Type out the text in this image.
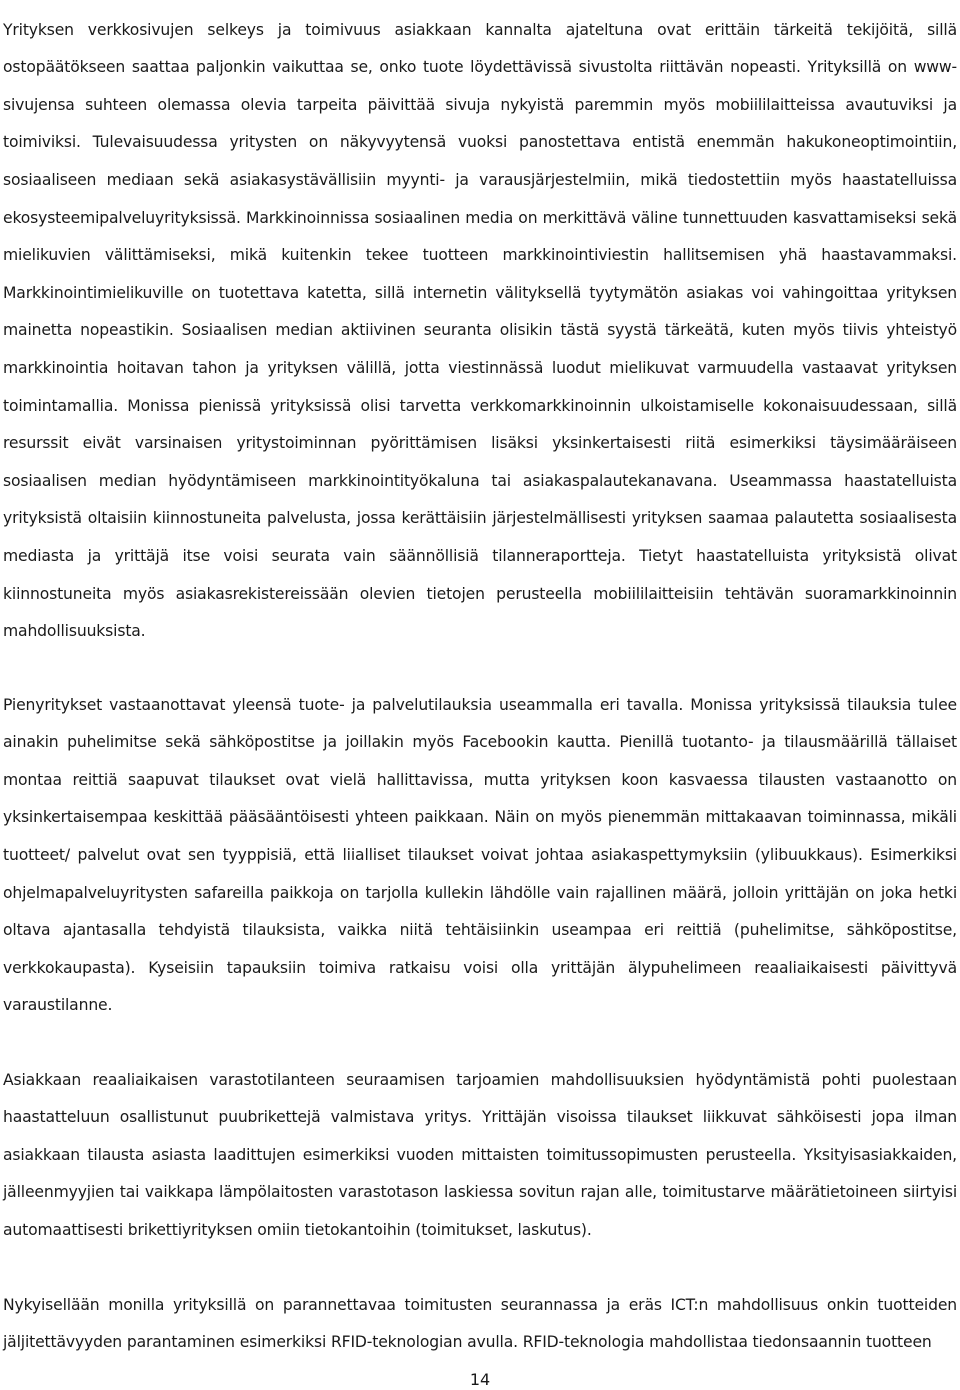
Yrityksen verkkosivujen selkeys ja toimivuus asiakkaan kannalta ajateltuna ovat erittäin tärkeitä tekijöitä, sillä ostopäätökseen saattaa paljonkin vaikuttaa se, onko tuote löydettävissä sivustolta riittävän nopeasti. Yrityksillä on www-sivujensa suhteen olemassa olevia tarpeita päivittää sivuja nykyistä paremmin myös mobiililaitteissa avautuviksi ja toimiviksi. Tulevaisuudessa yritysten on näkyvyytensä vuoksi panostettava entistä enemmän hakukoneoptimointiin, sosiaaliseen mediaan sekä asiakasystävällisiin myynti- ja varausjärjestelmiin, mikä tiedostettiin myös haastatelluissa ekosysteemipalveluyrityksissä. Markkinoinnissa sosiaalinen media on merkittävä väline tunnettuuden kasvattamiseksi sekä mielikuvien välittämiseksi, mikä kuitenkin tekee tuotteen markkinointiviestin hallitsemisen yhä haastavammaksi. Markkinointimielikuville on tuotettava katetta, sillä internetin välityksellä tyytymätön asiakas voi vahingoittaa yrityksen mainetta nopeastikin. Sosiaalisen median aktiivinen seuranta olisikin tästä syystä tärkeätä, kuten myös tiivis yhteistyö markkinointia hoitavan tahon ja yrityksen välillä, jotta viestinnässä luodut mielikuvat varmuudella vastaavat yrityksen toimintamallia. Monissa pienissä yrityksissä olisi tarvetta verkkomarkkinoinnin ulkoistamiselle kokonaisuudessaan, sillä resurssit eivät varsinaisen yritystoiminnan pyörittämisen lisäksi yksinkertaisesti riitä esimerkiksi täysimääräiseen sosiaalisen median hyödyntämiseen markkinointityökaluna tai asiakaspalautekanavana. Useammassa haastatelluista yrityksistä oltaisiin kiinnostuneita palvelusta, jossa kerättäisiin järjestelmällisesti yrityksen saamaa palautetta sosiaalisesta mediasta ja yrittäjä itse voisi seurata vain säännöllisiä tilanneraportteja. Tietyt haastatelluista yrityksistä olivat kiinnostuneita myös asiakasrekistereissään olevien tietojen perusteella mobiililaitteisiin tehtävän suoramarkkinoinnin mahdollisuuksista.

Pienyritykset vastaanottavat yleensä tuote- ja palvelutilauksia useammalla eri tavalla. Monissa yrityksissä tilauksia tulee ainakin puhelimitse sekä sähköpostitse ja joillakin myös Facebookin kautta. Pienillä tuotanto- ja tilausmäärillä tällaiset montaa reittiä saapuvat tilaukset ovat vielä hallittavissa, mutta yrityksen koon kasvaessa tilausten vastaanotto on yksinkertaisempaa keskittää pääsääntöisesti yhteen paikkaan. Näin on myös pienemmän mittakaavan toiminnassa, mikäli tuotteet/ palvelut ovat sen tyyppisiä, että liialliset tilaukset voivat johtaa asiakaspettymyksiin (ylibuukkaus). Esimerkiksi ohjelmapalveluyritysten safareilla paikkoja on tarjolla kullekin lähdölle vain rajallinen määrä, jolloin yrittäjän on joka hetki oltava ajantasalla tehdyistä tilauksista, vaikka niitä tehtäisiinkin useampaa eri reittiä (puhelimitse, sähköpostitse, verkkokaupasta). Kyseisiin tapauksiin toimiva ratkaisu voisi olla yrittäjän älypuhelimeen reaaliaikaisesti päivittyvä varaustilanne.

Asiakkaan reaaliaikaisen varastotilanteen seuraamisen tarjoamien mahdollisuuksien hyödyntämistä pohti puolestaan haastatteluun osallistunut puubrikettejä valmistava yritys. Yrittäjän visoissa tilaukset liikkuvat sähköisesti jopa ilman asiakkaan tilausta asiasta laadittujen esimerkiksi vuoden mittaisten toimitussopimusten perusteella. Yksityisasiakkaiden, jälleenmyyjien tai vaikkapa lämpölaitosten varastotason laskiessa sovitun rajan alle, toimitustarve määrätietoineen siirtyisi automaattisesti brikettiyrityksen omiin tietokantoihin (toimitukset, laskutus).

Nykyisellään monilla yrityksillä on parannettavaa toimitusten seurannassa ja eräs ICT:n mahdollisuus onkin tuotteiden jäljitettävyyden parantaminen esimerkiksi RFID-teknologian avulla. RFID-teknologia mahdollistaa tiedonsaannin tuotteen

14
